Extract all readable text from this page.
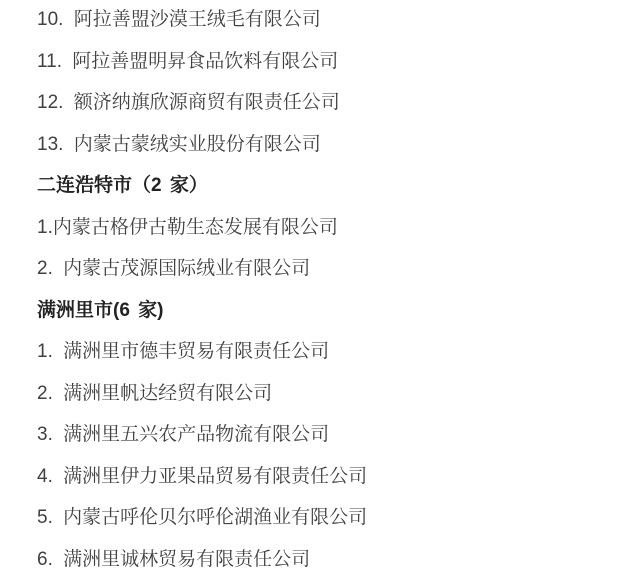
10. 阿拉善盟沙漠王绒毛有限公司

11. 阿拉善盟明昇食品饮料有限公司

12. 额济纳旗欣源商贸有限责任公司

13. 内蒙古蒙绒实业股份有限公司

二连浩特市（2 家）

1.内蒙古格伊古勒生态发展有限公司

2. 内蒙古茂源国际绒业有限公司

满洲里市(6 家)

1. 满洲里市德丰贸易有限责任公司

2. 满洲里帆达经贸有限公司

3. 满洲里五兴农产品物流有限公司

4. 满洲里伊力亚果品贸易有限责任公司

5. 内蒙古呼伦贝尔呼伦湖渔业有限公司

6. 满洲里诚林贸易有限责任公司
